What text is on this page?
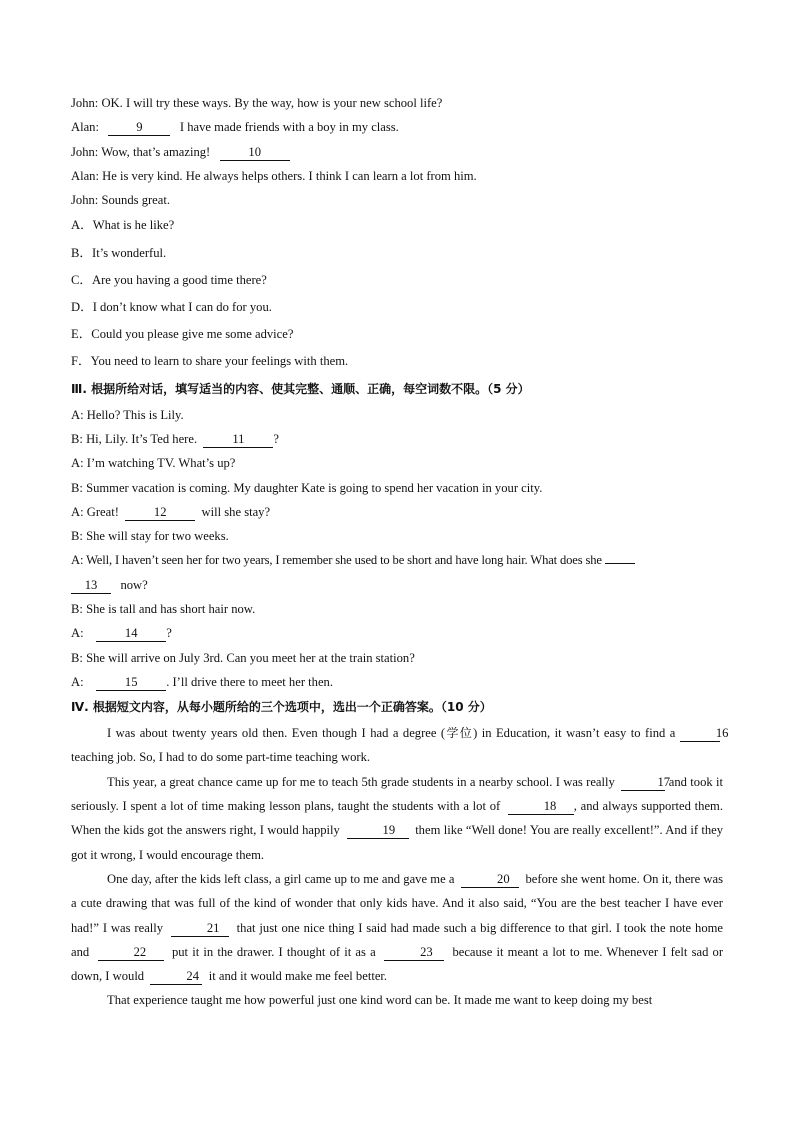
John: OK. I will try these ways. By the way, how is your new school life?
Alan:	9	I have made friends with a boy in my class.
John: Wow, that’s amazing!	10
Alan: He is very kind. He always helps others. I think I can learn a lot from him.
John: Sounds great.
A．What is he like?
B．It’s wonderful.
C．Are you having a good time there?
D．I don’t know what I can do for you.
E．Could you please give me some advice?
F．You need to learn to share your feelings with them.
Ⅲ. 根据所给对话，填写适当的内容、使其完整、通顺、正确，每空词数不限。（5 分）
A: Hello? This is Lily.
B: Hi, Lily. It’s Ted here.	11 ?
A: I’m watching TV. What’s up?
B: Summer vacation is coming. My daughter Kate is going to spend her vacation in your city.
A: Great!	12	will she stay?
B: She will stay for two weeks.
A: Well, I haven’t seen her for two years, I remember she used to be short and have long hair. What does she
13 now?
B: She is tall and has short hair now.
A:	14 ?
B: She will arrive on July 3rd. Can you meet her at the train station?
A:	15 . I’ll drive there to meet her then.
Ⅳ. 根据短文内容，从每小题所给的三个选项中，选出一个正确答案。（10 分）
I was about twenty years old then. Even though I had a degree (学位) in Education, it wasn’t easy to find a	16  teaching job. So, I had to do some part-time teaching work.
This year, a great chance came up for me to teach 5th grade students in a nearby school. I was really	17 and took it seriously. I spent a lot of time making lesson plans, taught the students with a lot of	18 , and always supported them. When the kids got the answers right, I would happily	19 them like “Well done! You are really excellent!”. And if they got it wrong, I would encourage them.
One day, after the kids left class, a girl came up to me and gave me a	20 before she went home. On it, there was a cute drawing that was full of the kind of wonder that only kids have. And it also said, “You are the best teacher I have ever had!” I was really	21 that just one nice thing I said had made such a big difference to that girl. I took the note home and	22 put it in the drawer. I thought of it as a	23 because it meant a lot to me. Whenever I felt sad or down, I would	24 it and it would make me feel better.
That experience taught me how powerful just one kind word can be. It made me want to keep doing my best
